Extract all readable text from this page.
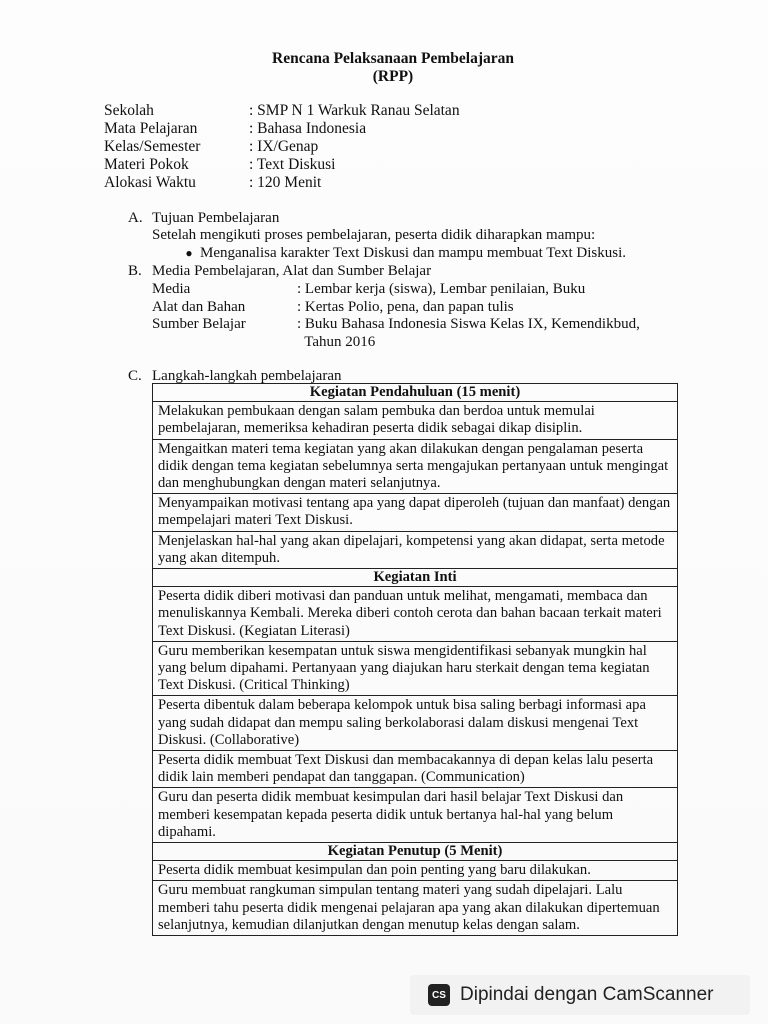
Rencana Pelaksanaan Pembelajaran
(RPP)
Sekolah	: SMP N 1 Warkuk Ranau Selatan
Mata Pelajaran	: Bahasa Indonesia
Kelas/Semester	: IX/Genap
Materi Pokok	: Text Diskusi
Alokasi Waktu	: 120 Menit
A. Tujuan Pembelajaran
Setelah mengikuti proses pembelajaran, peserta didik diharapkan mampu:
● Menganalisa karakter Text Diskusi dan mampu membuat Text Diskusi.
B. Media Pembelajaran, Alat dan Sumber Belajar
Media	: Lembar kerja (siswa), Lembar penilaian, Buku
Alat dan Bahan	: Kertas Polio, pena, dan papan tulis
Sumber Belajar	: Buku Bahasa Indonesia Siswa Kelas IX, Kemendikbud,
Tahun 2016
C. Langkah-langkah pembelajaran
Kegiatan Pendahuluan (15 menit)
Melakukan pembukaan dengan salam pembuka dan berdoa untuk memulai pembelajaran, memeriksa kehadiran peserta didik sebagai dikap disiplin.
Mengaitkan materi tema kegiatan yang akan dilakukan dengan pengalaman peserta didik dengan tema kegiatan sebelumnya serta mengajukan pertanyaan untuk mengingat dan menghubungkan dengan materi selanjutnya.
Menyampaikan motivasi tentang apa yang dapat diperoleh (tujuan dan manfaat) dengan mempelajari materi Text Diskusi.
Menjelaskan hal-hal yang akan dipelajari, kompetensi yang akan didapat, serta metode yang akan ditempuh.
Kegiatan Inti
Peserta didik diberi motivasi dan panduan untuk melihat, mengamati, membaca dan menuliskannya Kembali. Mereka diberi contoh cerota dan bahan bacaan terkait materi Text Diskusi. (Kegiatan Literasi)
Guru memberikan kesempatan untuk siswa mengidentifikasi sebanyak mungkin hal yang belum dipahami. Pertanyaan yang diajukan haru sterkait dengan tema kegiatan Text Diskusi. (Critical Thinking)
Peserta dibentuk dalam beberapa kelompok untuk bisa saling berbagi informasi apa yang sudah didapat dan mempu saling berkolaborasi dalam diskusi mengenai Text Diskusi. (Collaborative)
Peserta didik membuat Text Diskusi dan membacakannya di depan kelas lalu peserta didik lain memberi pendapat dan tanggapan. (Communication)
Guru dan peserta didik membuat kesimpulan dari hasil belajar Text Diskusi dan memberi kesempatan kepada peserta didik untuk bertanya hal-hal yang belum dipahami.
Kegiatan Penutup (5 Menit)
Peserta didik membuat kesimpulan dan poin penting yang baru dilakukan.
Guru membuat rangkuman simpulan tentang materi yang sudah dipelajari. Lalu memberi tahu peserta didik mengenai pelajaran apa yang akan dilakukan dipertemuan selanjutnya, kemudian dilanjutkan dengan menutup kelas dengan salam.
CS Dipindai dengan CamScanner
